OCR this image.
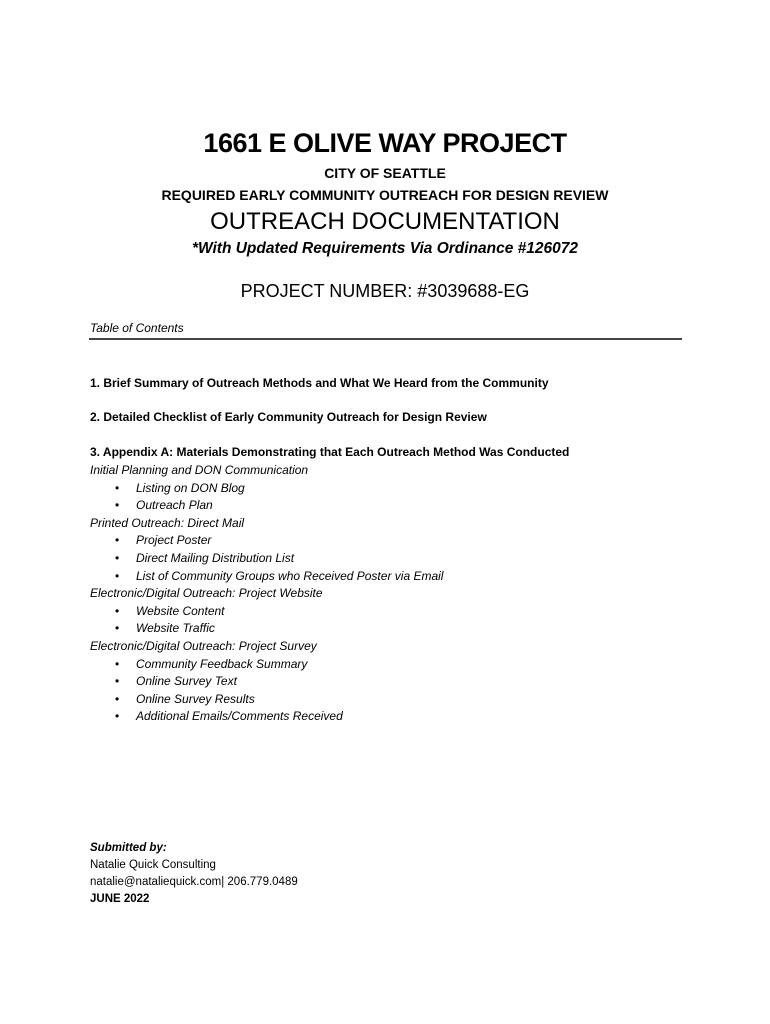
1661 E OLIVE WAY PROJECT
CITY OF SEATTLE
REQUIRED EARLY COMMUNITY OUTREACH FOR DESIGN REVIEW
OUTREACH DOCUMENTATION
*With Updated Requirements Via Ordinance #126072
PROJECT NUMBER: #3039688-EG
Table of Contents
1. Brief Summary of Outreach Methods and What We Heard from the Community
2. Detailed Checklist of Early Community Outreach for Design Review
3. Appendix A: Materials Demonstrating that Each Outreach Method Was Conducted
Initial Planning and DON Communication
• Listing on DON Blog
• Outreach Plan
Printed Outreach: Direct Mail
• Project Poster
• Direct Mailing Distribution List
• List of Community Groups who Received Poster via Email
Electronic/Digital Outreach: Project Website
• Website Content
• Website Traffic
Electronic/Digital Outreach: Project Survey
• Community Feedback Summary
• Online Survey Text
• Online Survey Results
• Additional Emails/Comments Received
Submitted by:
Natalie Quick Consulting
natalie@nataliequick.com| 206.779.0489
JUNE 2022
